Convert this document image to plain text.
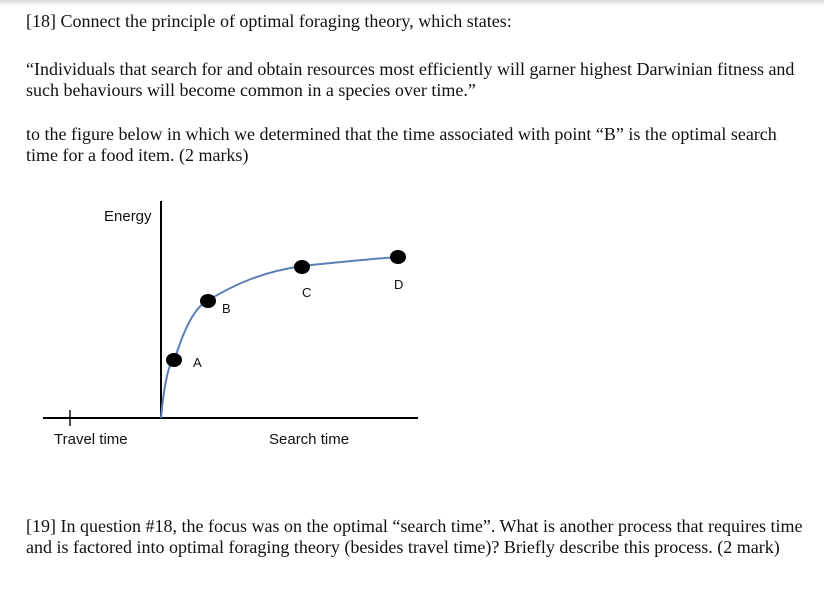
[18] Connect the principle of optimal foraging theory, which states:

“Individuals that search for and obtain resources most efficiently will garner highest Darwinian fitness and such behaviours will become common in a species over time.”

to the figure below in which we determined that the time associated with point “B” is the optimal search time for a food item. (2 marks)

A
B
C
D
Energy
Travel time	Search time

[19] In question #18, the focus was on the optimal “search time”. What is another process that requires time and is factored into optimal foraging theory (besides travel time)? Briefly describe this process. (2 mark)
